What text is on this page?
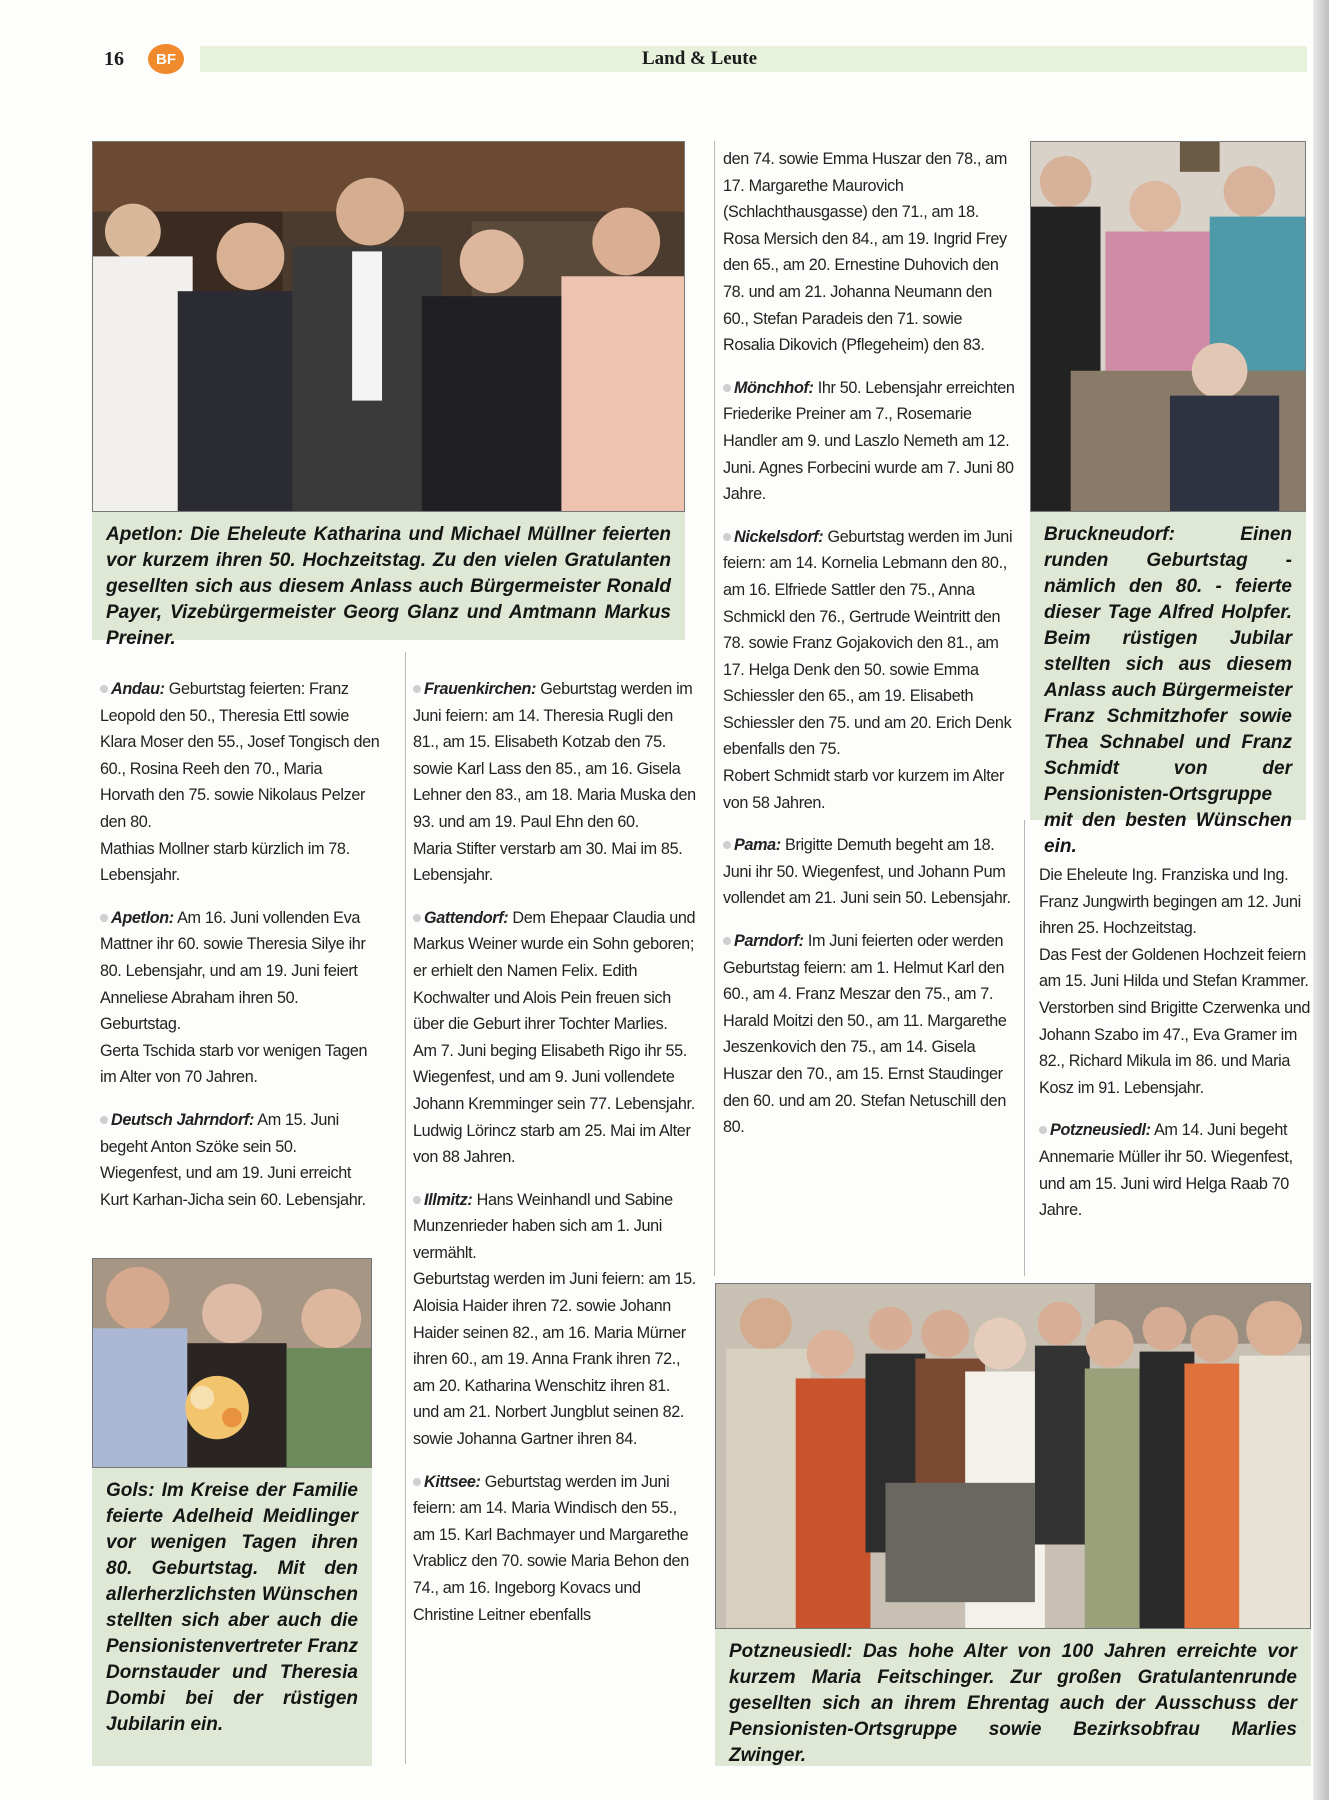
16	BF	Land & Leute
Apetlon: Die Eheleute Katharina und Michael Müllner feierten vor kurzem ihren 50. Hochzeitstag. Zu den vielen Gratulanten gesellten sich aus diesem Anlass auch Bürgermeister Ronald Payer, Vizebürgermeister Georg Glanz und Amtmann Markus Preiner.
Bruckneudorf: Einen runden Geburtstag - nämlich den 80. - feierte dieser Tage Alfred Holpfer. Beim rüstigen Jubilar stellten sich aus diesem Anlass auch Bürgermeister Franz Schmitzhofer sowie Thea Schnabel und Franz Schmidt von der Pensionisten-Ortsgruppe mit den besten Wünschen ein.
Gols: Im Kreise der Familie feierte Adelheid Meidlinger vor wenigen Tagen ihren 80. Geburtstag. Mit den allerherzlichsten Wünschen stellten sich aber auch die Pensionistenvertreter Franz Dornstauder und Theresia Dombi bei der rüstigen Jubilarin ein.
Potzneusiedl: Das hohe Alter von 100 Jahren erreichte vor kurzem Maria Feitschinger. Zur großen Gratulantenrunde gesellten sich an ihrem Ehrentag auch der Ausschuss der Pensionisten-Ortsgruppe sowie Bezirksobfrau Marlies Zwinger.

Andau: Geburtstag feierten: Franz Leopold den 50., Theresia Ettl sowie Klara Moser den 55., Josef Tongisch den 60., Rosina Reeh den 70., Maria Horvath den 75. sowie Nikolaus Pelzer den 80.

Mathias Mollner starb kürzlich im 78. Lebensjahr.

Apetlon: Am 16. Juni vollenden Eva Mattner ihr 60. sowie Theresia Silye ihr 80. Lebensjahr, und am 19. Juni feiert Anneliese Abraham ihren 50. Geburtstag.

Gerta Tschida starb vor wenigen Tagen im Alter von 70 Jahren.

Deutsch Jahrndorf: Am 15. Juni begeht Anton Szöke sein 50. Wiegenfest, und am 19. Juni erreicht Kurt Karhan-Jicha sein 60. Lebensjahr.

Frauenkirchen: Geburtstag werden im Juni feiern: am 14. Theresia Rugli den 81., am 15. Elisabeth Kotzab den 75. sowie Karl Lass den 85., am 16. Gisela Lehner den 83., am 18. Maria Muska den 93. und am 19. Paul Ehn den 60.

Maria Stifter verstarb am 30. Mai im 85. Lebensjahr.

Gattendorf: Dem Ehepaar Claudia und Markus Weiner wurde ein Sohn geboren; er erhielt den Namen Felix. Edith Kochwalter und Alois Pein freuen sich über die Geburt ihrer Tochter Marlies.

Am 7. Juni beging Elisabeth Rigo ihr 55. Wiegenfest, und am 9. Juni vollendete Johann Kremminger sein 77. Lebensjahr.

Ludwig Lörincz starb am 25. Mai im Alter von 88 Jahren.

Illmitz: Hans Weinhandl und Sabine Munzenrieder haben sich am 1. Juni vermählt.

Geburtstag werden im Juni feiern: am 15. Aloisia Haider ihren 72. sowie Johann Haider seinen 82., am 16. Maria Mürner ihren 60., am 19. Anna Frank ihren 72., am 20. Katharina Wenschitz ihren 81. und am 21. Norbert Jungblut seinen 82. sowie Johanna Gartner ihren 84.

Kittsee: Geburtstag werden im Juni feiern: am 14. Maria Windisch den 55., am 15. Karl Bachmayer und Margarethe Vrablicz den 70. sowie Maria Behon den 74., am 16. Ingeborg Kovacs und Christine Leitner ebenfalls

den 74. sowie Emma Huszar den 78., am 17. Margarethe Maurovich (Schlachthausgasse) den 71., am 18. Rosa Mersich den 84., am 19. Ingrid Frey den 65., am 20. Ernestine Duhovich den 78. und am 21. Johanna Neumann den 60., Stefan Paradeis den 71. sowie Rosalia Dikovich (Pflegeheim) den 83.

Mönchhof: Ihr 50. Lebensjahr erreichten Friederike Preiner am 7., Rosemarie Handler am 9. und Laszlo Nemeth am 12. Juni. Agnes Forbecini wurde am 7. Juni 80 Jahre.

Nickelsdorf: Geburtstag werden im Juni feiern: am 14. Kornelia Lebmann den 80., am 16. Elfriede Sattler den 75., Anna Schmickl den 76., Gertrude Weintritt den 78. sowie Franz Gojakovich den 81., am 17. Helga Denk den 50. sowie Emma Schiessler den 65., am 19. Elisabeth Schiessler den 75. und am 20. Erich Denk ebenfalls den 75.

Robert Schmidt starb vor kurzem im Alter von 58 Jahren.

Pama: Brigitte Demuth begeht am 18. Juni ihr 50. Wiegenfest, und Johann Pum vollendet am 21. Juni sein 50. Lebensjahr.

Parndorf: Im Juni feierten oder werden Geburtstag feiern: am 1. Helmut Karl den 60., am 4. Franz Meszar den 75., am 7. Harald Moitzi den 50., am 11. Margarethe Jeszenkovich den 75., am 14. Gisela Huszar den 70., am 15. Ernst Staudinger den 60. und am 20. Stefan Netuschill den 80.

Die Eheleute Ing. Franziska und Ing. Franz Jungwirth begingen am 12. Juni ihren 25. Hochzeitstag.

Das Fest der Goldenen Hochzeit feiern am 15. Juni Hilda und Stefan Krammer.

Verstorben sind Brigitte Czerwenka und Johann Szabo im 47., Eva Gramer im 82., Richard Mikula im 86. und Maria Kosz im 91. Lebensjahr.

Potzneusiedl: Am 14. Juni begeht Annemarie Müller ihr 50. Wiegenfest, und am 15. Juni wird Helga Raab 70 Jahre.
